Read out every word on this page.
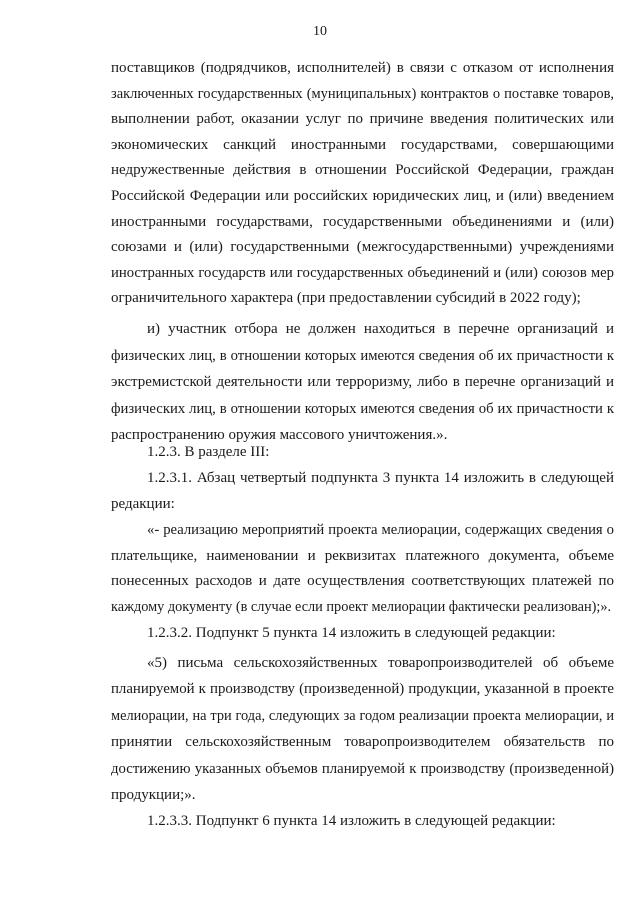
10
поставщиков (подрядчиков, исполнителей) в связи с отказом от исполнения
заключенных государственных (муниципальных) контрактов о поставке товаров,
выполнении работ, оказании услуг по причине введения политических или
экономических санкций иностранными государствами, совершающими
недружественные действия в отношении Российской Федерации, граждан
Российской Федерации или российских юридических лиц, и (или) введением
иностранными государствами, государственными объединениями и (или)
союзами и (или) государственными (межгосударственными) учреждениями
иностранных государств или государственных объединений и (или) союзов мер
ограничительного характера (при предоставлении субсидий в 2022 году);
и) участник отбора не должен находиться в перечне организаций и
физических лиц, в отношении которых имеются сведения об их причастности к
экстремистской деятельности или терроризму, либо в перечне организаций и
физических лиц, в отношении которых имеются сведения об их причастности к
распространению оружия массового уничтожения.».
1.2.3. В разделе III:
1.2.3.1. Абзац четвертый подпункта 3 пункта 14 изложить в следующей
редакции:
«- реализацию мероприятий проекта мелиорации, содержащих сведения о
плательщике, наименовании и реквизитах платежного документа, объеме
понесенных расходов и дате осуществления соответствующих платежей по
каждому документу (в случае если проект мелиорации фактически реализован);».
1.2.3.2. Подпункт 5 пункта 14 изложить в следующей редакции:
«5) письма сельскохозяйственных товаропроизводителей об объеме
планируемой к производству (произведенной) продукции, указанной в проекте
мелиорации, на три года, следующих за годом реализации проекта мелиорации, и
принятии сельскохозяйственным товаропроизводителем обязательств по
достижению указанных объемов планируемой к производству (произведенной)
продукции;».
1.2.3.3. Подпункт 6 пункта 14 изложить в следующей редакции:
